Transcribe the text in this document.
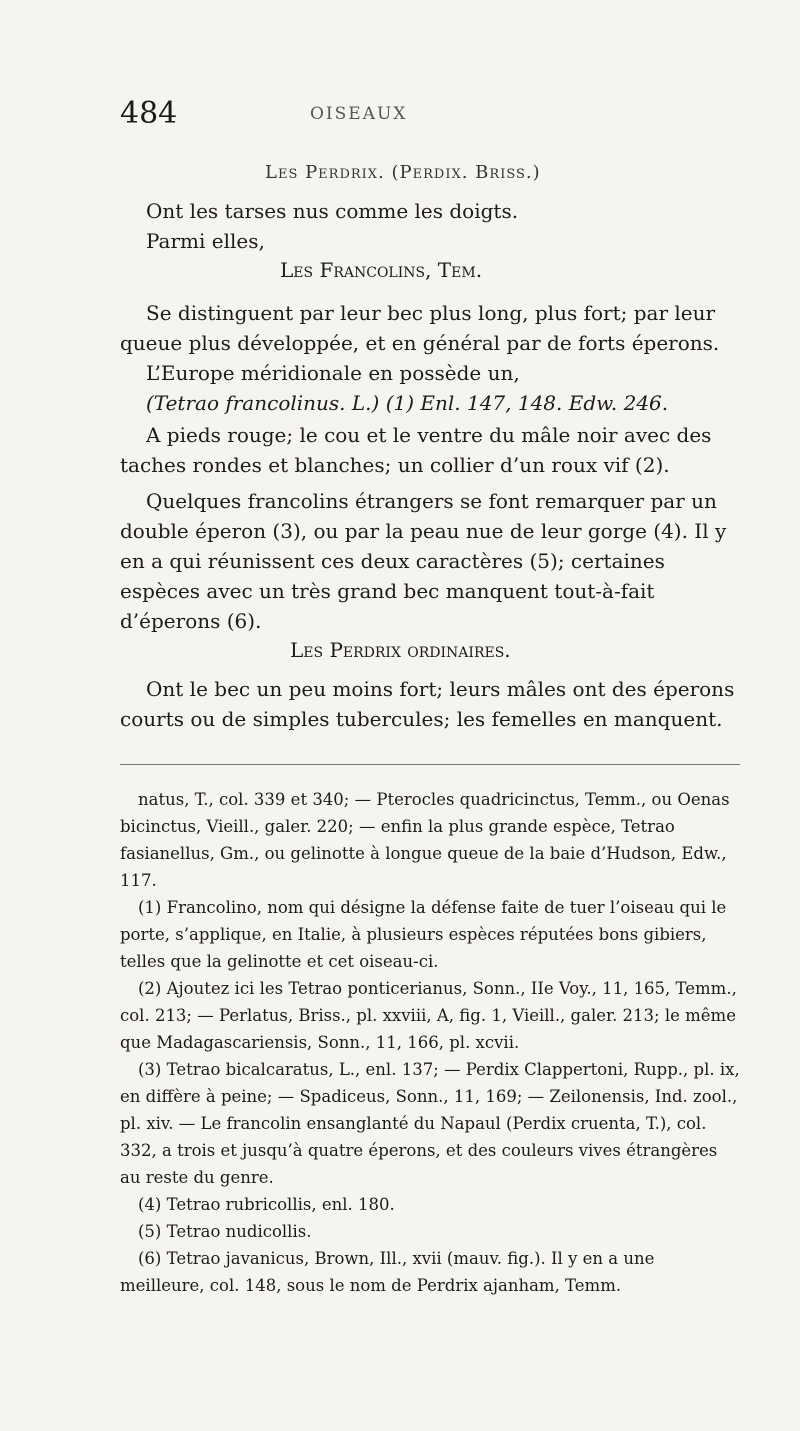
484	OISEAUX
Les Perdrix. (Perdix. Briss.)
Ont les tarses nus comme les doigts.
Parmi elles,
Les Francolins, Tem.
Se distinguent par leur bec plus long, plus fort; par leur queue plus développée, et en général par de forts éperons.
L’Europe méridionale en possède un,
(Tetrao francolinus. L.) (1) Enl. 147, 148. Edw. 246.
A pieds rouge; le cou et le ventre du mâle noir avec des taches rondes et blanches; un collier d’un roux vif (2).
Quelques francolins étrangers se font remarquer par un double éperon (3), ou par la peau nue de leur gorge (4). Il y en a qui réunissent ces deux caractères (5); certaines espèces avec un très grand bec manquent tout-à-fait d’éperons (6).
Les Perdrix ordinaires.
Ont le bec un peu moins fort; leurs mâles ont des éperons courts ou de simples tubercules; les femelles en manquent.

natus, T., col. 339 et 340; — Pterocles quadricinctus, Temm., ou Oenas bicinctus, Vieill., galer. 220; — enfin la plus grande espèce, Tetrao fasianellus, Gm., ou gelinotte à longue queue de la baie d’Hudson, Edw., 117.

(1) Francolino, nom qui désigne la défense faite de tuer l’oiseau qui le porte, s’applique, en Italie, à plusieurs espèces réputées bons gibiers, telles que la gelinotte et cet oiseau-ci.

(2) Ajoutez ici les Tetrao ponticerianus, Sonn., IIe Voy., 11, 165, Temm., col. 213; — Perlatus, Briss., pl. xxviii, A, fig. 1, Vieill., galer. 213; le même que Madagascariensis, Sonn., 11, 166, pl. xcvii.

(3) Tetrao bicalcaratus, L., enl. 137; — Perdix Clappertoni, Rupp., pl. ix, en diffère à peine; — Spadiceus, Sonn., 11, 169; — Zeilonensis, Ind. zool., pl. xiv. — Le francolin ensanglanté du Napaul (Perdix cruenta, T.), col. 332, a trois et jusqu’à quatre éperons, et des couleurs vives étrangères au reste du genre.

(4) Tetrao rubricollis, enl. 180.

(5) Tetrao nudicollis.

(6) Tetrao javanicus, Brown, Ill., xvii (mauv. fig.). Il y en a une meilleure, col. 148, sous le nom de Perdrix ajanham, Temm.
